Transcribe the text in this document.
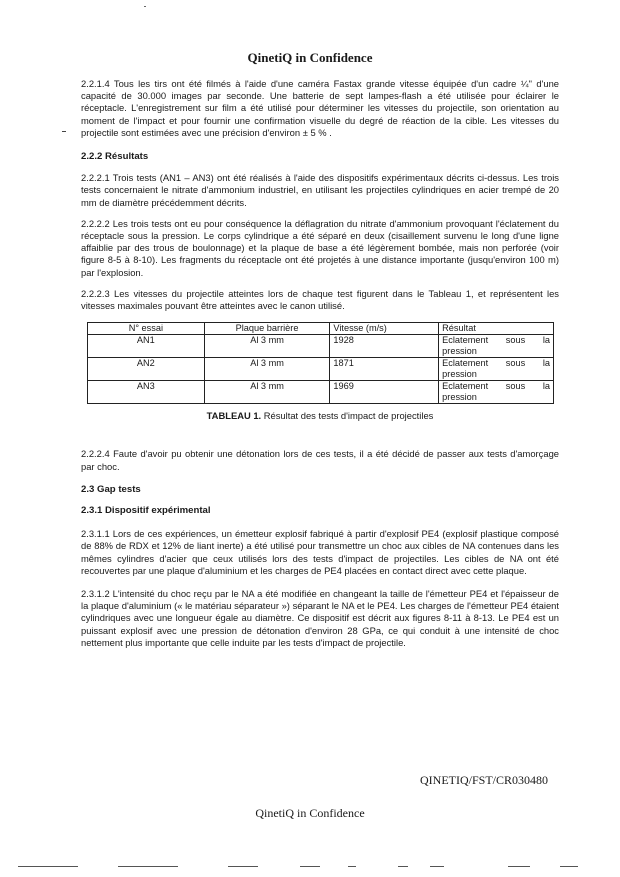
QinetiQ in Confidence

2.2.1.4 Tous les tirs ont été filmés à l'aide d'une caméra Fastax grande vitesse équipée d'un cadre ¼" d'une capacité de 30.000 images par seconde. Une batterie de sept lampes-flash a été utilisée pour éclairer le réceptacle. L'enregistrement sur film a été utilisé pour déterminer les vitesses du projectile, son orientation au moment de l'impact et pour fournir une confirmation visuelle du degré de réaction de la cible. Les vitesses du projectile sont estimées avec une précision d'environ ± 5 % .

2.2.2 Résultats

2.2.2.1 Trois tests (AN1 – AN3) ont été réalisés à l'aide des dispositifs expérimentaux décrits ci-dessus. Les trois tests concernaient le nitrate d'ammonium industriel, en utilisant les projectiles cylindriques en acier trempé de 20 mm de diamètre précédemment décrits.

2.2.2.2 Les trois tests ont eu pour conséquence la déflagration du nitrate d'ammonium provoquant l'éclatement du réceptacle sous la pression. Le corps cylindrique a été séparé en deux (cisaillement survenu le long d'une ligne affaiblie par des trous de boulonnage) et la plaque de base a été légèrement bombée, mais non perforée (voir figure 8-5 à 8-10). Les fragments du réceptacle ont été projetés à une distance importante (jusqu'environ 100 m) par l'explosion.

2.2.2.3 Les vitesses du projectile atteintes lors de chaque test figurent dans le Tableau 1, et représentent les vitesses maximales pouvant être atteintes avec le canon utilisé.

N° essai	Plaque barrière	Vitesse (m/s)	Résultat
AN1	Al 3 mm	1928	Eclatement sous la
pression

AN2	Al 3 mm	1871	Eclatement sous la
pression

AN3	Al 3 mm	1969	Eclatement sous la
pression
TABLEAU 1. Résultat des tests d'impact de projectiles

2.2.2.4 Faute d'avoir pu obtenir une détonation lors de ces tests, il a été décidé de passer aux tests d'amorçage par choc.

2.3 Gap tests
2.3.1 Dispositif expérimental

2.3.1.1 Lors de ces expériences, un émetteur explosif fabriqué à partir d'explosif PE4 (explosif plastique composé de 88% de RDX et 12% de liant inerte) a été utilisé pour transmettre un choc aux cibles de NA contenues dans les mêmes cylindres d'acier que ceux utilisés lors des tests d'impact de projectiles. Les cibles de NA ont été recouvertes par une plaque d'aluminium et les charges de PE4 placées en contact direct avec cette plaque.

2.3.1.2 L'intensité du choc reçu par le NA a été modifiée en changeant la taille de l'émetteur PE4 et l'épaisseur de la plaque d'aluminium (« le matériau séparateur ») séparant le NA et le PE4. Les charges de l'émetteur PE4 étaient cylindriques avec une longueur égale au diamètre. Ce dispositif est décrit aux figures 8-11 à 8-13. Le PE4 est un puissant explosif avec une pression de détonation d'environ 28 GPa, ce qui conduit à une intensité de choc nettement plus importante que celle induite par les tests d'impact de projectile.

QINETIQ/FST/CR030480
QinetiQ in Confidence
